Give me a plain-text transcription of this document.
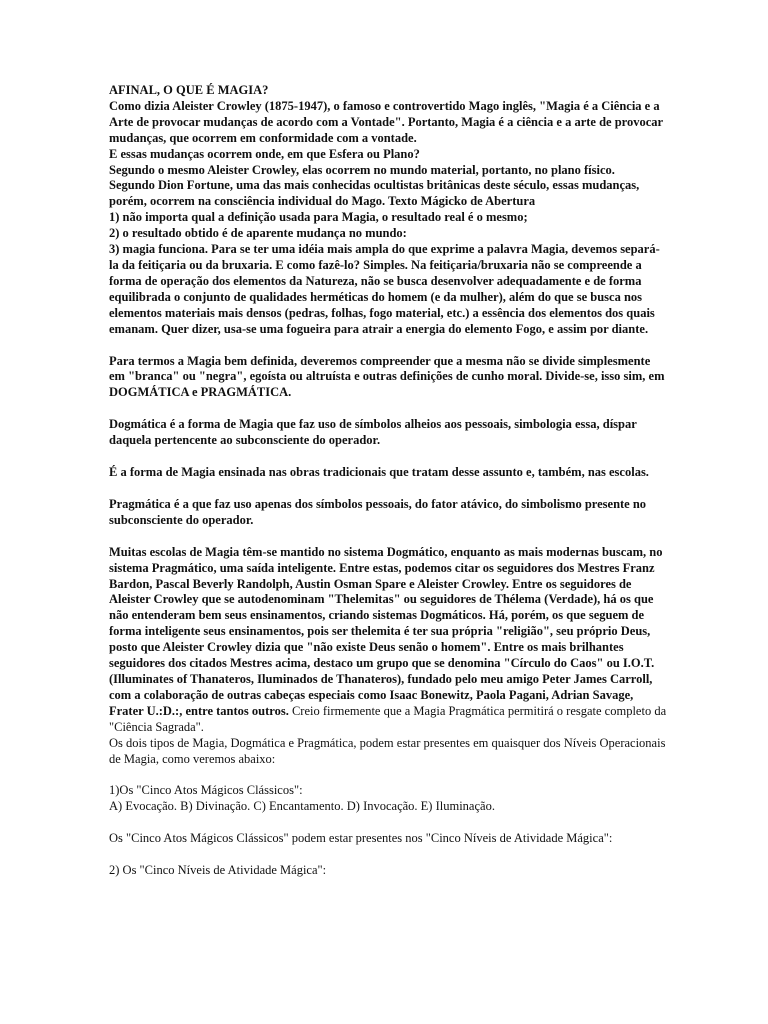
AFINAL, O QUE É MAGIA?
Como dizia Aleister Crowley (1875-1947), o famoso e controvertido Mago inglês, "Magia é a Ciência e a Arte de provocar mudanças de acordo com a Vontade". Portanto, Magia é a ciência e a arte de provocar mudanças, que ocorrem em conformidade com a vontade.
E essas mudanças ocorrem onde, em que Esfera ou Plano?
Segundo o mesmo Aleister Crowley, elas ocorrem no mundo material, portanto, no plano físico.
Segundo Dion Fortune, uma das mais conhecidas ocultistas britânicas deste século, essas mudanças, porém, ocorrem na consciência individual do Mago. Texto Mágicko de Abertura
1) não importa qual a definição usada para Magia, o resultado real é o mesmo;
2) o resultado obtido é de aparente mudança no mundo:
3) magia funciona. Para se ter uma idéia mais ampla do que exprime a palavra Magia, devemos separá-la da feitiçaria ou da bruxaria. E como fazê-lo? Simples. Na feitiçaria/bruxaria não se compreende a forma de operação dos elementos da Natureza, não se busca desenvolver adequadamente e de forma equilibrada o conjunto de qualidades herméticas do homem (e da mulher), além do que se busca nos elementos materiais mais densos (pedras, folhas, fogo material, etc.) a essência dos elementos dos quais emanam. Quer dizer, usa-se uma fogueira para atrair a energia do elemento Fogo, e assim por diante.

Para termos a Magia bem definida, deveremos compreender que a mesma não se divide simplesmente em "branca" ou "negra", egoísta ou altruísta e outras definições de cunho moral. Divide-se, isso sim, em DOGMÁTICA e PRAGMÁTICA.

Dogmática é a forma de Magia que faz uso de símbolos alheios aos pessoais, simbologia essa, díspar daquela pertencente ao subconsciente do operador.

É a forma de Magia ensinada nas obras tradicionais que tratam desse assunto e, também, nas escolas.

Pragmática é a que faz uso apenas dos símbolos pessoais, do fator atávico, do simbolismo presente no subconsciente do operador.

Muitas escolas de Magia têm-se mantido no sistema Dogmático, enquanto as mais modernas buscam, no sistema Pragmático, uma saída inteligente. Entre estas, podemos citar os seguidores dos Mestres Franz Bardon, Pascal Beverly Randolph, Austin Osman Spare e Aleister Crowley. Entre os seguidores de Aleister Crowley que se autodenominam "Thelemitas" ou seguidores de Thélema (Verdade), há os que não entenderam bem seus ensinamentos, criando sistemas Dogmáticos. Há, porém, os que seguem de forma inteligente seus ensinamentos, pois ser thelemita é ter sua própria "religião", seu próprio Deus, posto que Aleister Crowley dizia que "não existe Deus senão o homem". Entre os mais brilhantes seguidores dos citados Mestres acima, destaco um grupo que se denomina "Círculo do Caos" ou I.O.T. (Illuminates of Thanateros, Iluminados de Thanateros), fundado pelo meu amigo Peter James Carroll, com a colaboração de outras cabeças especiais como Isaac Bonewitz, Paola Pagani, Adrian Savage, Frater U.:D.:, entre tantos outros. Creio firmemente que a Magia Pragmática permitirá o resgate completo da "Ciência Sagrada".
Os dois tipos de Magia, Dogmática e Pragmática, podem estar presentes em quaisquer dos Níveis Operacionais de Magia, como veremos abaixo:

1)Os "Cinco Atos Mágicos Clássicos":

A) Evocação. B) Divinação. C) Encantamento. D) Invocação. E) Iluminação.

Os "Cinco Atos Mágicos Clássicos" podem estar presentes nos "Cinco Níveis de Atividade Mágica":

2) Os "Cinco Níveis de Atividade Mágica":
